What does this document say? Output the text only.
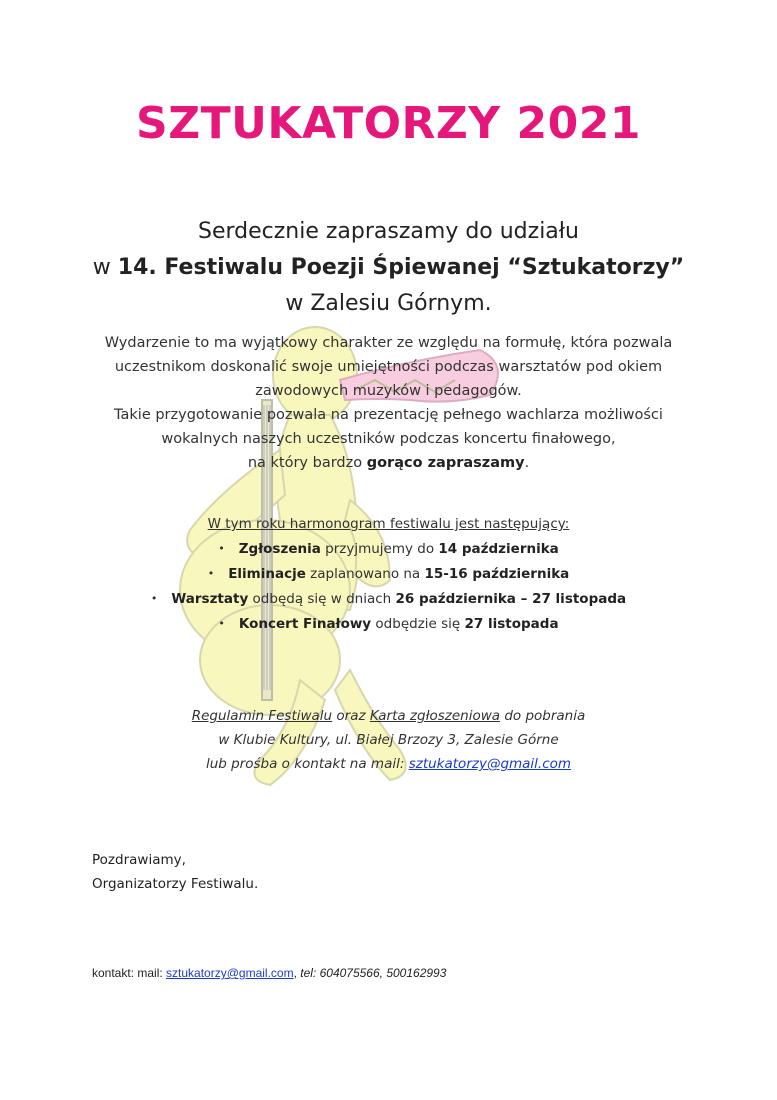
SZTUKATORZY 2021
Serdecznie zapraszamy do udziału
w 14. Festiwalu Poezji Śpiewanej “Sztukatorzy”
w Zalesiu Górnym.
Wydarzenie to ma wyjątkowy charakter ze względu na formułę, która pozwala
uczestnikom doskonalić swoje umiejętności podczas warsztatów pod okiem
zawodowych muzyków i pedagogów.
Takie przygotowanie pozwala na prezentację pełnego wachlarza możliwości
wokalnych naszych uczestników podczas koncertu finałowego,
na który bardzo gorąco zapraszamy.
W tym roku harmonogram festiwalu jest następujący:
• Zgłoszenia przyjmujemy do 14 października
• Eliminacje zaplanowano na 15-16 października
• Warsztaty odbędą się w dniach 26 października – 27 listopada
• Koncert Finałowy odbędzie się 27 listopada
Regulamin Festiwalu oraz Karta zgłoszeniowa do pobrania
w Klubie Kultury, ul. Białej Brzozy 3, Zalesie Górne
lub prośba o kontakt na mail: sztukatorzy@gmail.com
Pozdrawiamy,
Organizatorzy Festiwalu.
kontakt: mail: sztukatorzy@gmail.com, tel: 604075566, 500162993
